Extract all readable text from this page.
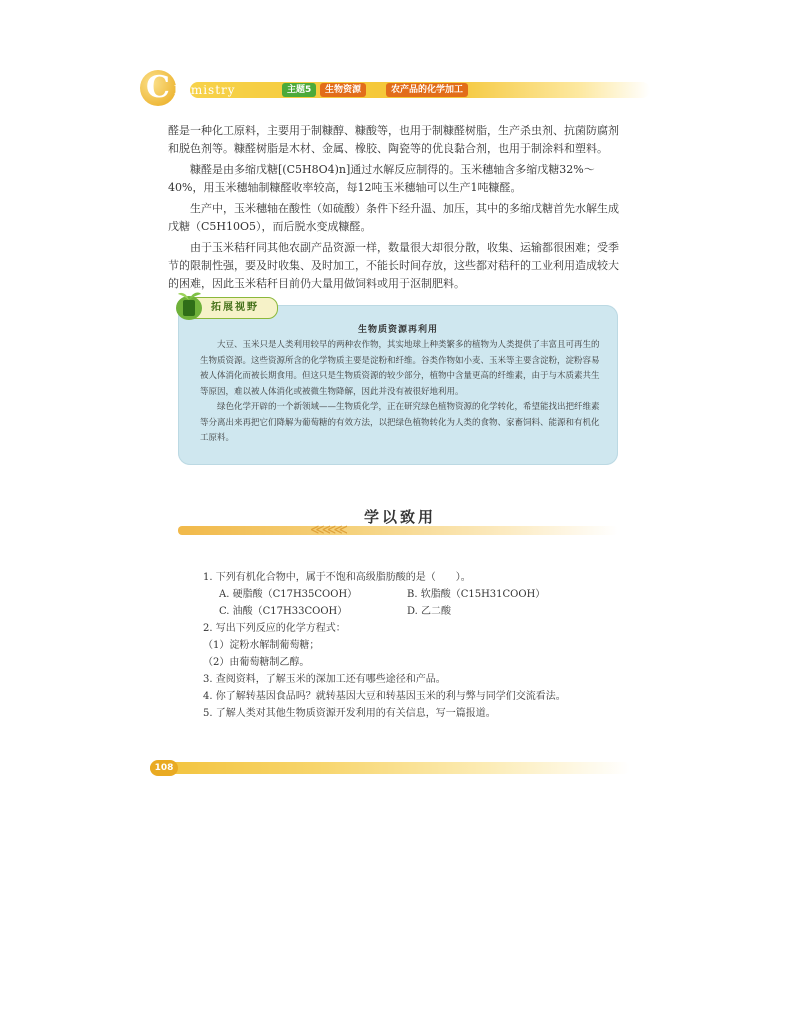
C hemistry	主题5	生物资源	农产品的化学加工

醛是一种化工原料，主要用于制糠醇、糠酸等，也用于制糠醛树脂，生产杀虫剂、抗菌防腐剂和脱色剂等。糠醛树脂是木材、金属、橡胶、陶瓷等的优良黏合剂，也用于制涂料和塑料。

糠醛是由多缩戊糖[(C5H8O4)n]通过水解反应制得的。玉米穗轴含多缩戊糖32%～40%，用玉米穗轴制糠醛收率较高，每12吨玉米穗轴可以生产1吨糠醛。

生产中，玉米穗轴在酸性（如硫酸）条件下经升温、加压，其中的多缩戊糖首先水解生成戊糖（C5H10O5），而后脱水变成糠醛。

由于玉米秸秆同其他农副产品资源一样，数量很大却很分散，收集、运输都很困难；受季节的限制性强，要及时收集、及时加工，不能长时间存放，这些都对秸秆的工业利用造成较大的困难，因此玉米秸秆目前仍大量用做饲料或用于沤制肥料。

拓展视野
生物质资源再利用

大豆、玉米只是人类利用较早的两种农作物，其实地球上种类繁多的植物为人类提供了丰富且可再生的生物质资源。这些资源所含的化学物质主要是淀粉和纤维。谷类作物如小麦、玉米等主要含淀粉，淀粉容易被人体消化而被长期食用。但这只是生物质资源的较少部分，植物中含量更高的纤维素，由于与木质素共生等原因，难以被人体消化或被微生物降解，因此并没有被很好地利用。

绿色化学开辟的一个新领域——生物质化学，正在研究绿色植物资源的化学转化，希望能找出把纤维素等分离出来再把它们降解为葡萄糖的有效方法，以把绿色植物转化为人类的食物、家畜饲料、能源和有机化工原料。

≪≪≪
学以致用
1. 下列有机化合物中，属于不饱和高级脂肪酸的是（　　）。
A. 硬脂酸（C17H35COOH）	B. 软脂酸（C15H31COOH）
C. 油酸（C17H33COOH）	D. 乙二酸
2. 写出下列反应的化学方程式：
（1）淀粉水解制葡萄糖；
（2）由葡萄糖制乙醇。
3. 查阅资料，了解玉米的深加工还有哪些途径和产品。
4. 你了解转基因食品吗？就转基因大豆和转基因玉米的利与弊与同学们交流看法。
5. 了解人类对其他生物质资源开发利用的有关信息，写一篇报道。
108
